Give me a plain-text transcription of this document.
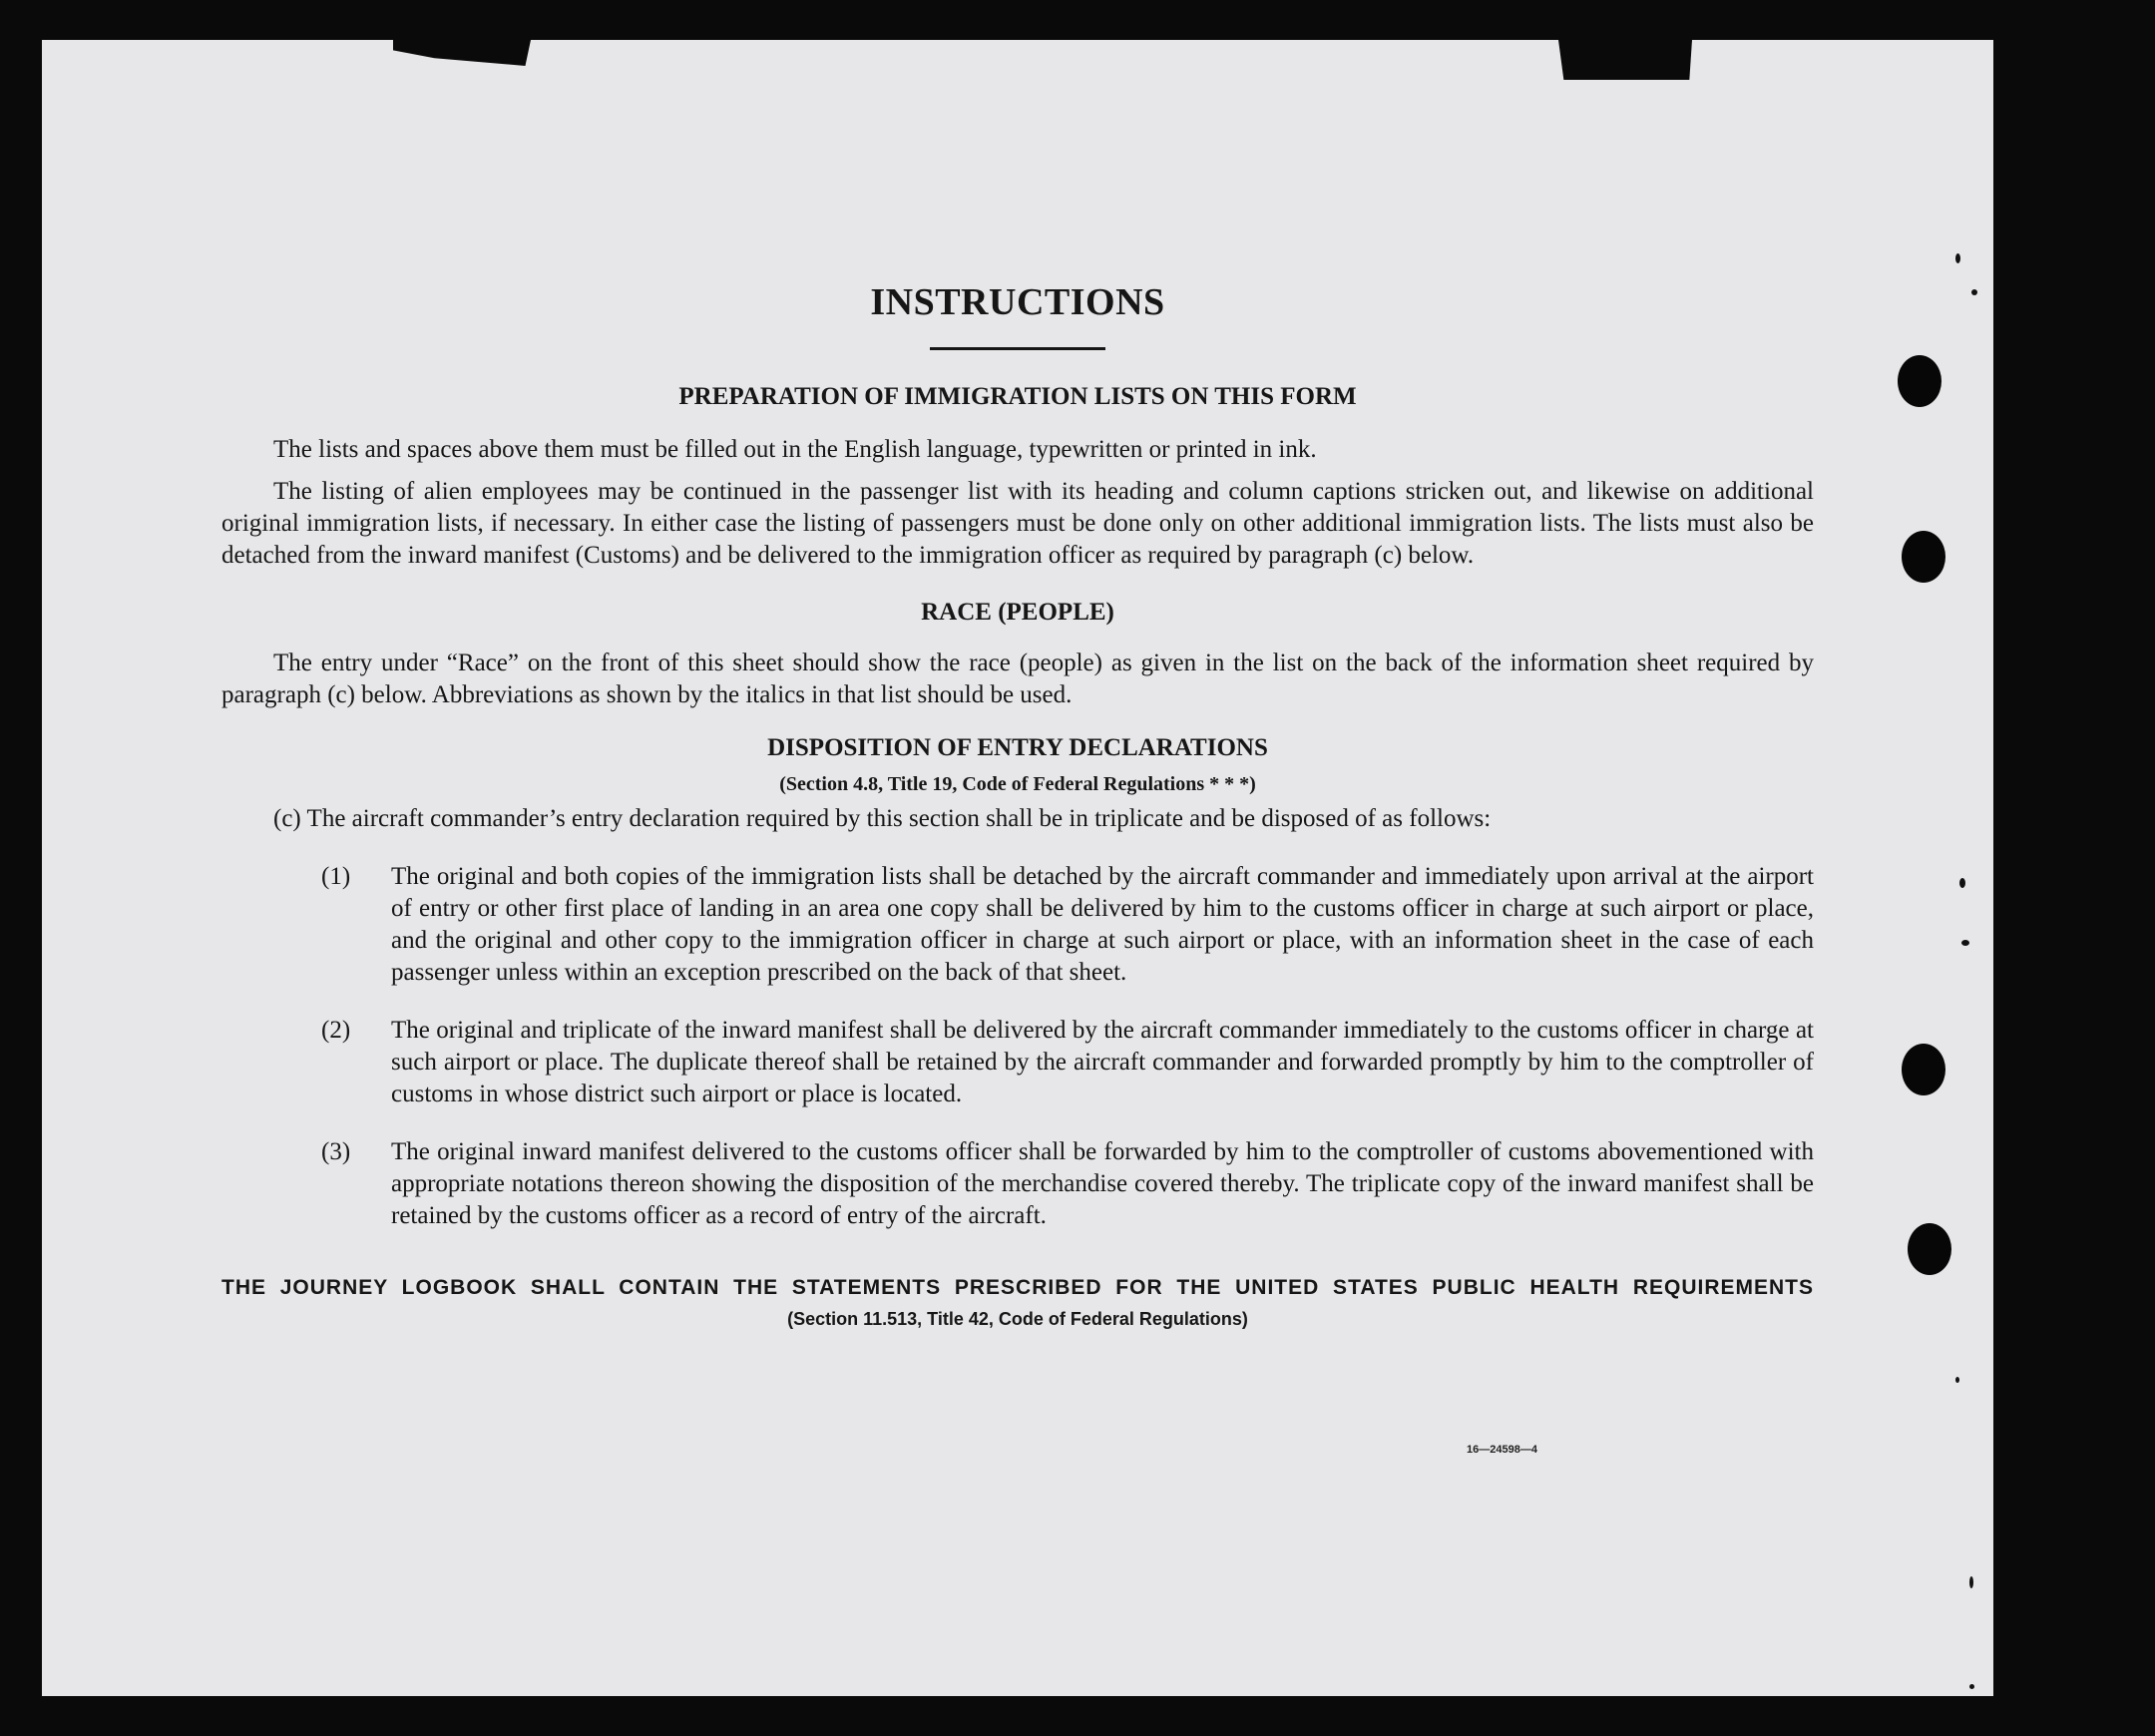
INSTRUCTIONS
PREPARATION OF IMMIGRATION LISTS ON THIS FORM

The lists and spaces above them must be filled out in the English language, typewritten or printed in ink.

The listing of alien employees may be continued in the passenger list with its heading and column captions stricken out, and likewise on additional original immigration lists, if necessary. In either case the listing of passengers must be done only on other additional immigration lists. The lists must also be detached from the inward manifest (Customs) and be delivered to the immigration officer as required by paragraph (c) below.

RACE (PEOPLE)

The entry under “Race” on the front of this sheet should show the race (people) as given in the list on the back of the information sheet required by paragraph (c) below. Abbreviations as shown by the italics in that list should be used.

DISPOSITION OF ENTRY DECLARATIONS
(Section 4.8, Title 19, Code of Federal Regulations * * *)

(c) The aircraft commander’s entry declaration required by this section shall be in triplicate and be disposed of as follows:

(1) The original and both copies of the immigration lists shall be detached by the aircraft commander and immediately upon arrival at the airport of entry or other first place of landing in an area one copy shall be delivered by him to the customs officer in charge at such airport or place, and the original and other copy to the immigration officer in charge at such airport or place, with an information sheet in the case of each passenger unless within an exception prescribed on the back of that sheet.
(2) The original and triplicate of the inward manifest shall be delivered by the aircraft commander immediately to the customs officer in charge at such airport or place. The duplicate thereof shall be retained by the aircraft commander and forwarded promptly by him to the comptroller of customs in whose district such airport or place is located.
(3) The original inward manifest delivered to the customs officer shall be forwarded by him to the comptroller of customs abovementioned with appropriate notations thereon showing the disposition of the merchandise covered thereby. The triplicate copy of the inward manifest shall be retained by the customs officer as a record of entry of the aircraft.
THE JOURNEY LOGBOOK SHALL CONTAIN THE STATEMENTS PRESCRIBED FOR THE UNITED STATES PUBLIC HEALTH REQUIREMENTS
(Section 11.513, Title 42, Code of Federal Regulations)
16—24598—4
